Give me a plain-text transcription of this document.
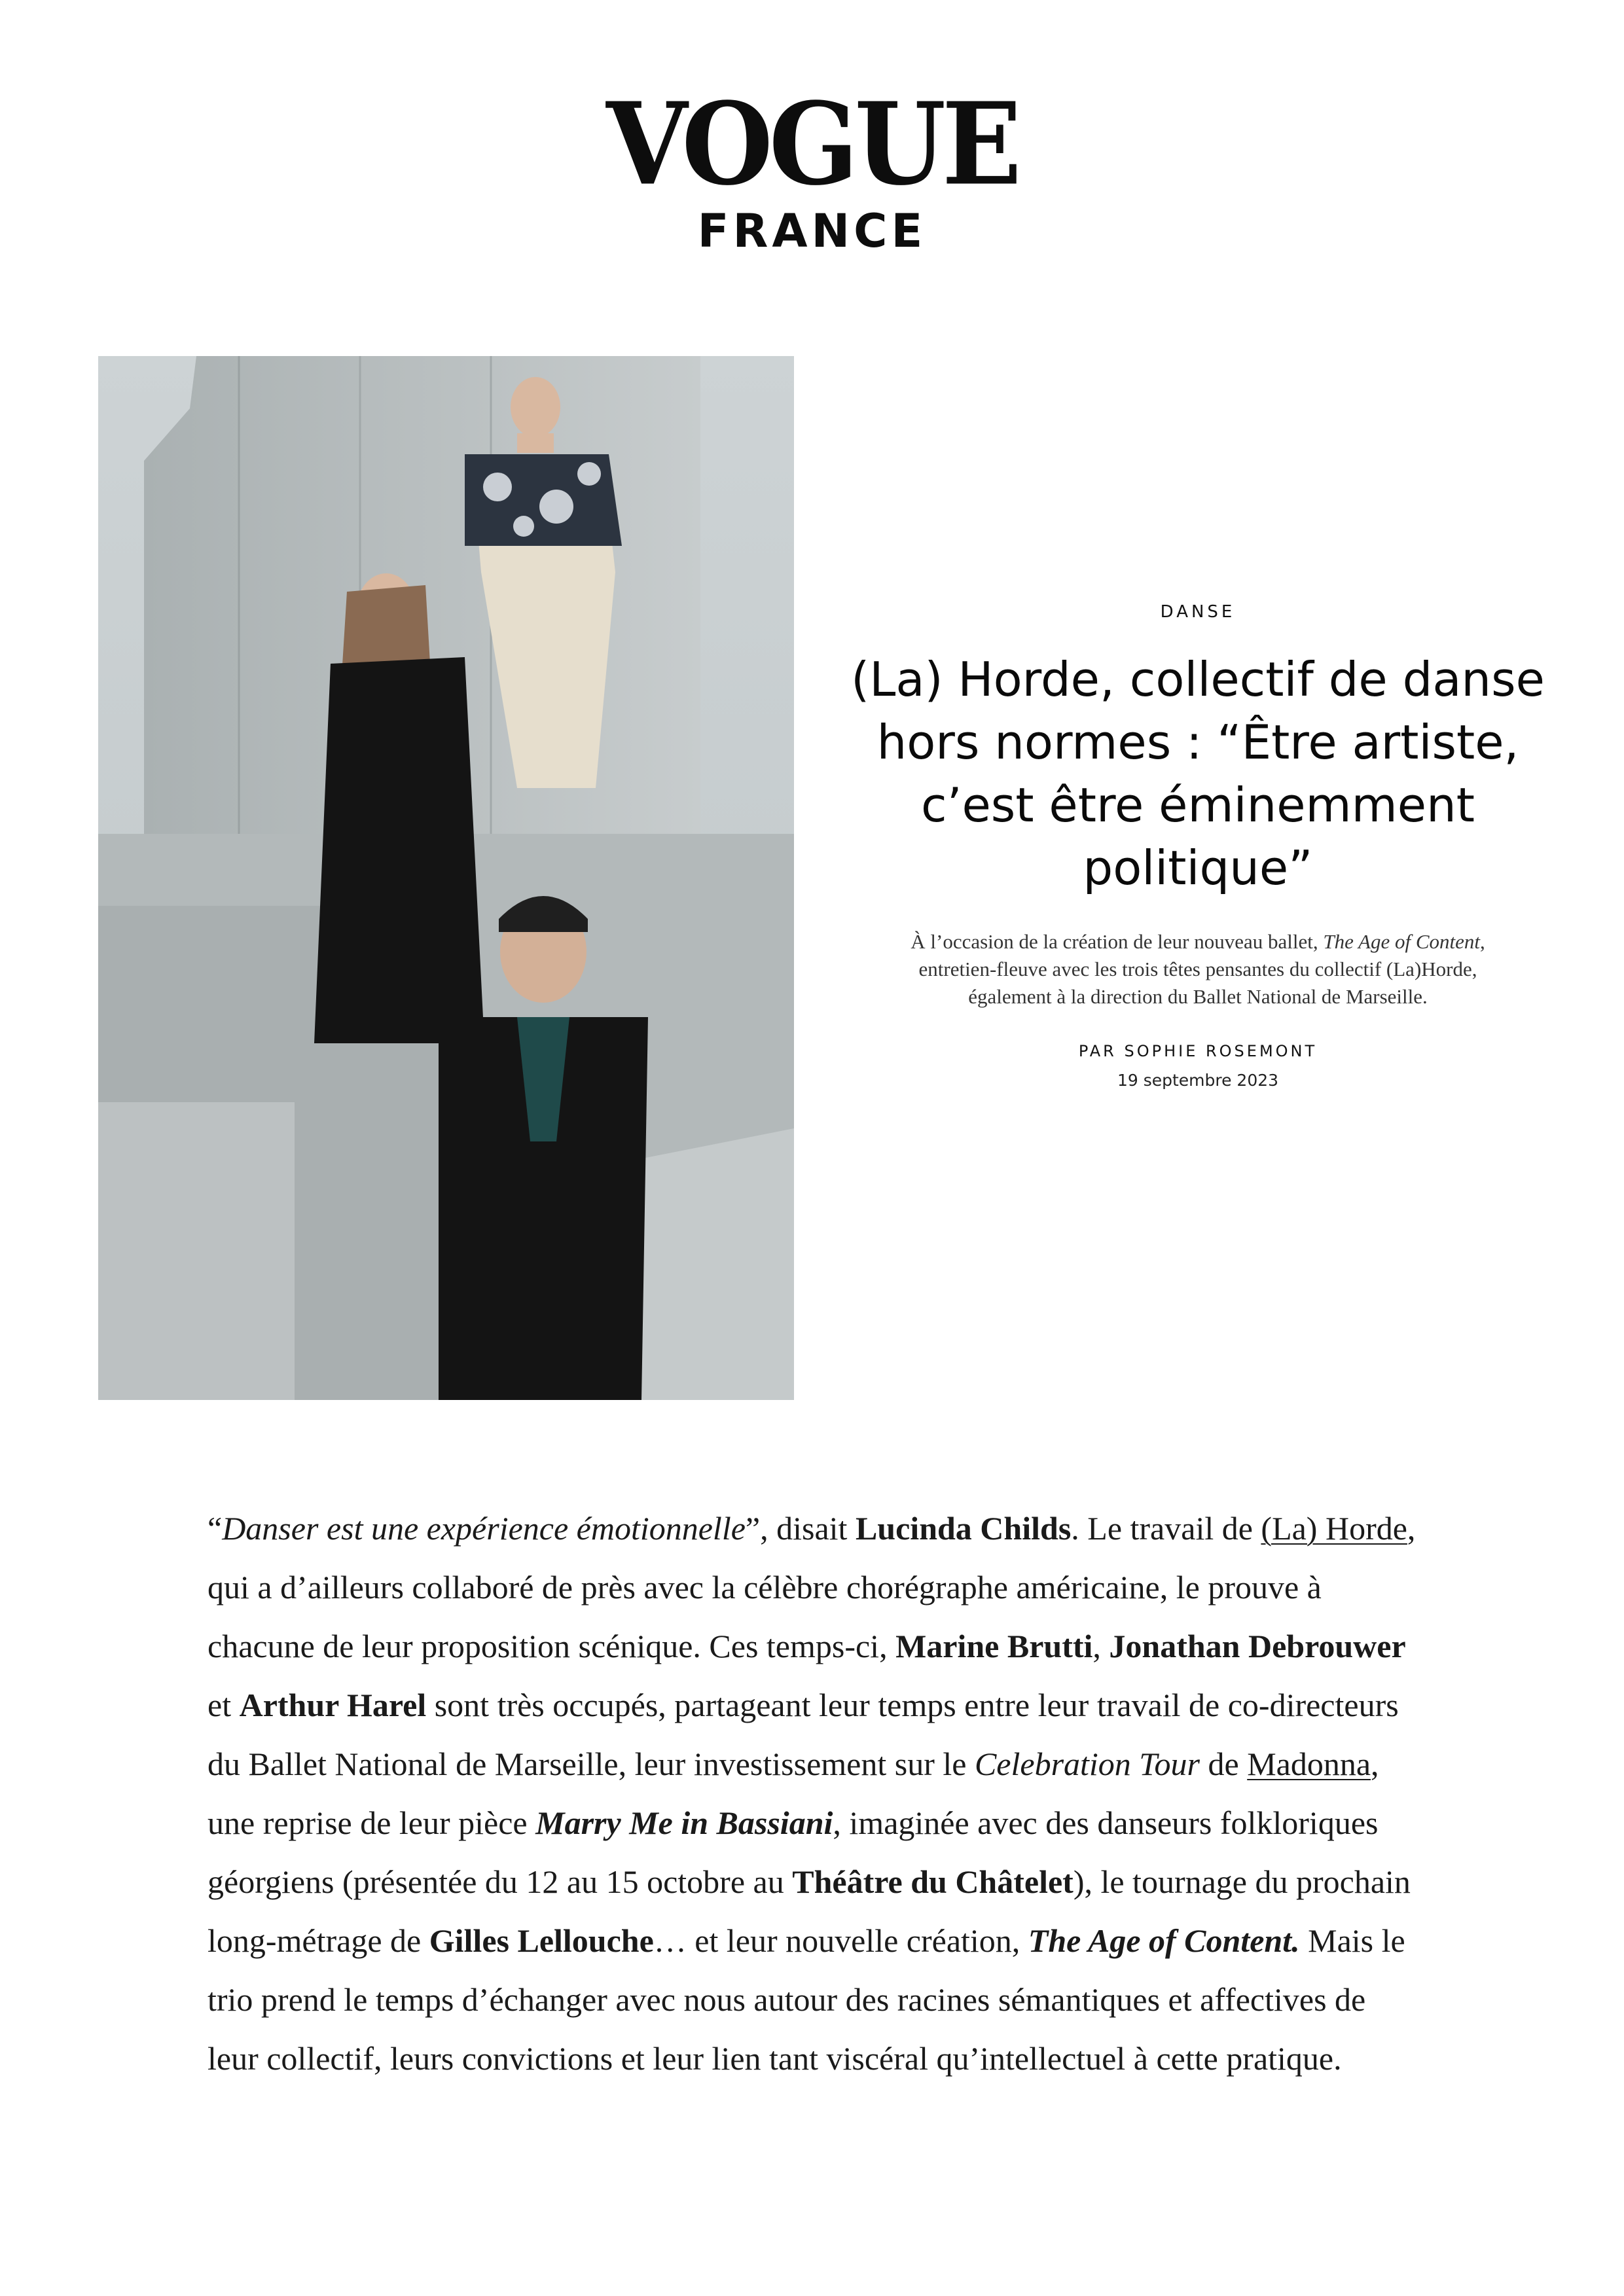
VOGUE
FRANCE
DANSE
(La) Horde, collectif de danse hors normes : “Être artiste, c’est être éminemment politique”

À l’occasion de la création de leur nouveau ballet, The Age of Content, entretien-fleuve avec les trois têtes pensantes du collectif (La)Horde, également à la direction du Ballet National de Marseille.

PAR SOPHIE ROSEMONT
19 septembre 2023
“Danser est une expérience émotionnelle”, disait Lucinda Childs. Le travail de (La) Horde, qui a d’ailleurs collaboré de près avec la célèbre chorégraphe américaine, le prouve à chacune de leur proposition scénique. Ces temps-ci, Marine Brutti, Jonathan Debrouwer et Arthur Harel sont très occupés, partageant leur temps entre leur travail de co-directeurs du Ballet National de Marseille, leur investissement sur le Celebration Tour de Madonna, une reprise de leur pièce Marry Me in Bassiani, imaginée avec des danseurs folkloriques géorgiens (présentée du 12 au 15 octobre au Théâtre du Châtelet), le tournage du prochain long-métrage de Gilles Lellouche… et leur nouvelle création, The Age of Content. Mais le trio prend le temps d’échanger avec nous autour des racines sémantiques et affectives de leur collectif, leurs convictions et leur lien tant viscéral qu’intellectuel à cette pratique.
